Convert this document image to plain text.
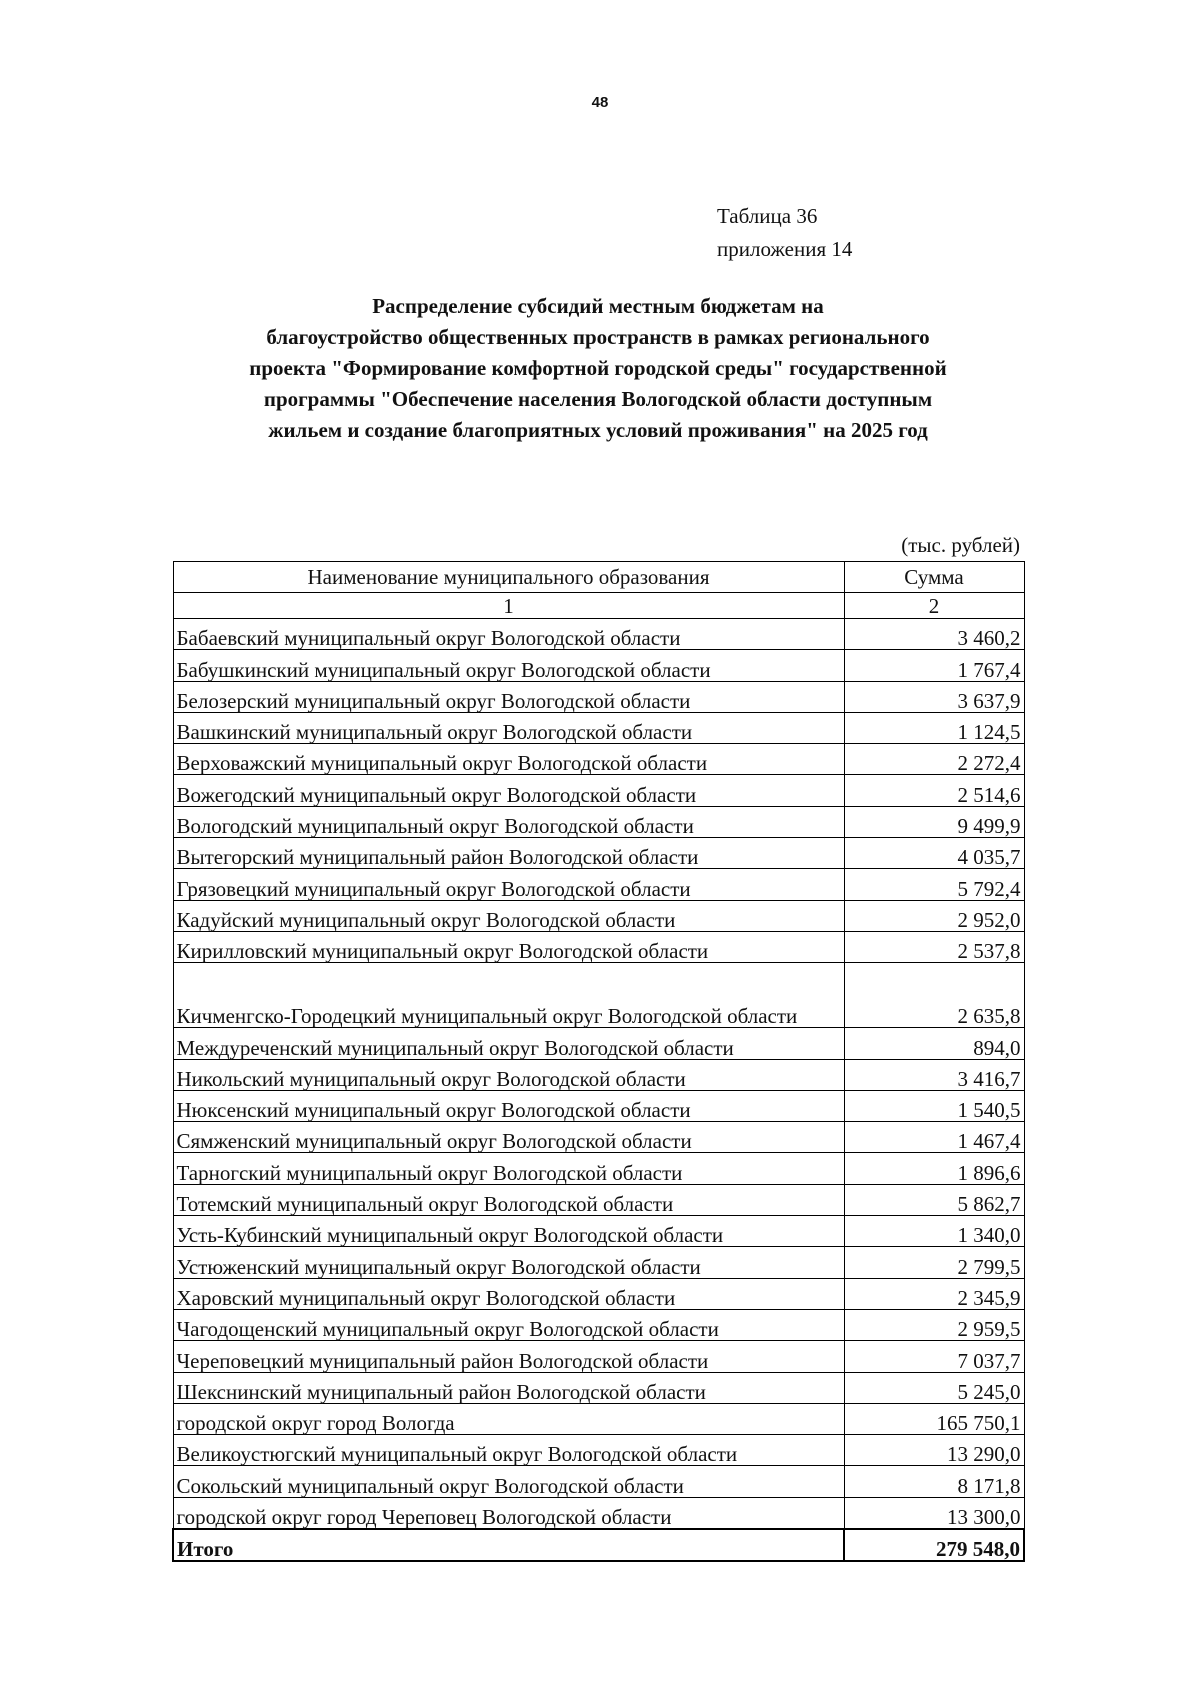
48
Таблица 36
приложения 14
Распределение субсидий местным бюджетам на
благоустройство общественных пространств в рамках регионального
проекта "Формирование комфортной городской среды" государственной
программы "Обеспечение населения Вологодской области доступным
жильем и создание благоприятных условий проживания" на 2025 год
(тыс. рублей)
Наименование муниципального образования	Сумма
1	2
Бабаевский муниципальный округ Вологодской области	3 460,2
Бабушкинский муниципальный округ Вологодской области	1 767,4
Белозерский муниципальный округ Вологодской области	3 637,9
Вашкинский муниципальный округ Вологодской области	1 124,5
Верховажский муниципальный округ Вологодской области	2 272,4
Вожегодский муниципальный округ Вологодской области	2 514,6
Вологодский муниципальный округ Вологодской области	9 499,9
Вытегорский муниципальный район Вологодской области	4 035,7
Грязовецкий муниципальный округ Вологодской области	5 792,4
Кадуйский муниципальный округ Вологодской области	2 952,0
Кирилловский муниципальный округ Вологодской области	2 537,8
Кичменгско-Городецкий муниципальный округ Вологодской области	2 635,8
Междуреченский муниципальный округ Вологодской области	894,0
Никольский муниципальный округ Вологодской области	3 416,7
Нюксенский муниципальный округ Вологодской области	1 540,5
Сямженский муниципальный округ Вологодской области	1 467,4
Тарногский муниципальный округ Вологодской области	1 896,6
Тотемский муниципальный округ Вологодской области	5 862,7
Усть-Кубинский муниципальный округ Вологодской области	1 340,0
Устюженский муниципальный округ Вологодской области	2 799,5
Харовский муниципальный округ Вологодской области	2 345,9
Чагодощенский муниципальный округ Вологодской области	2 959,5
Череповецкий муниципальный район Вологодской области	7 037,7
Шекснинский муниципальный район Вологодской области	5 245,0
городской округ город Вологда	165 750,1
Великоустюгский муниципальный округ Вологодской области	13 290,0
Сокольский муниципальный округ Вологодской области	8 171,8
городской округ город Череповец Вологодской области	13 300,0
Итого	279 548,0
